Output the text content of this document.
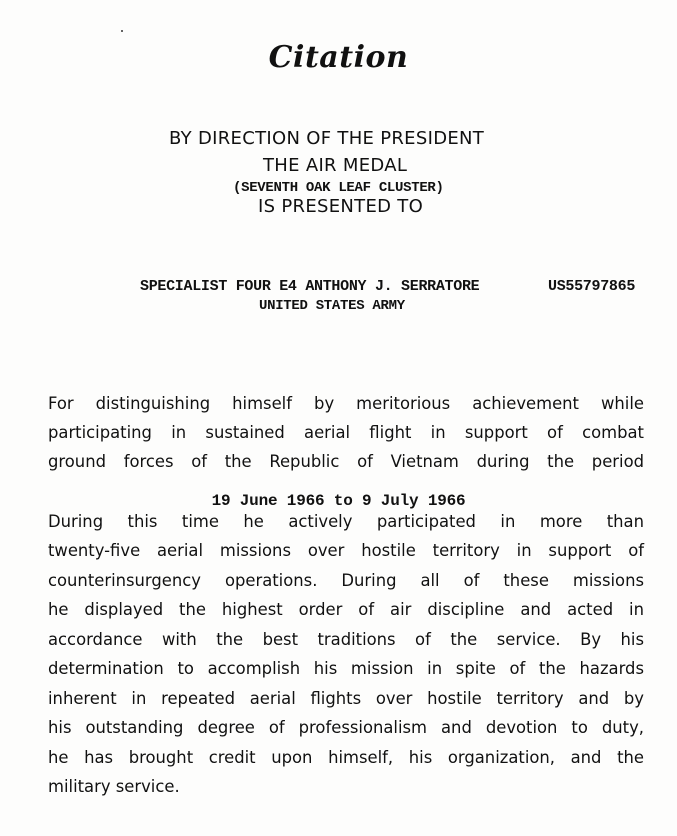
Citation
BY DIRECTION OF THE PRESIDENT
THE AIR MEDAL
(SEVENTH OAK LEAF CLUSTER)
IS PRESENTED TO
SPECIALIST FOUR E4 ANTHONY J. SERRATORE	US55797865
UNITED STATES ARMY
For distinguishing himself by meritorious achievement while
participating in sustained aerial flight in support of combat
ground forces of the Republic of Vietnam during the period
19 June 1966 to 9 July 1966
During this time he actively participated in more than
twenty-five aerial missions over hostile territory in support of
counterinsurgency operations. During all of these missions
he displayed the highest order of air discipline and acted in
accordance with the best traditions of the service. By his
determination to accomplish his mission in spite of the hazards
inherent in repeated aerial flights over hostile territory and by
his outstanding degree of professionalism and devotion to duty,
he has brought credit upon himself, his organization, and the
military service.
